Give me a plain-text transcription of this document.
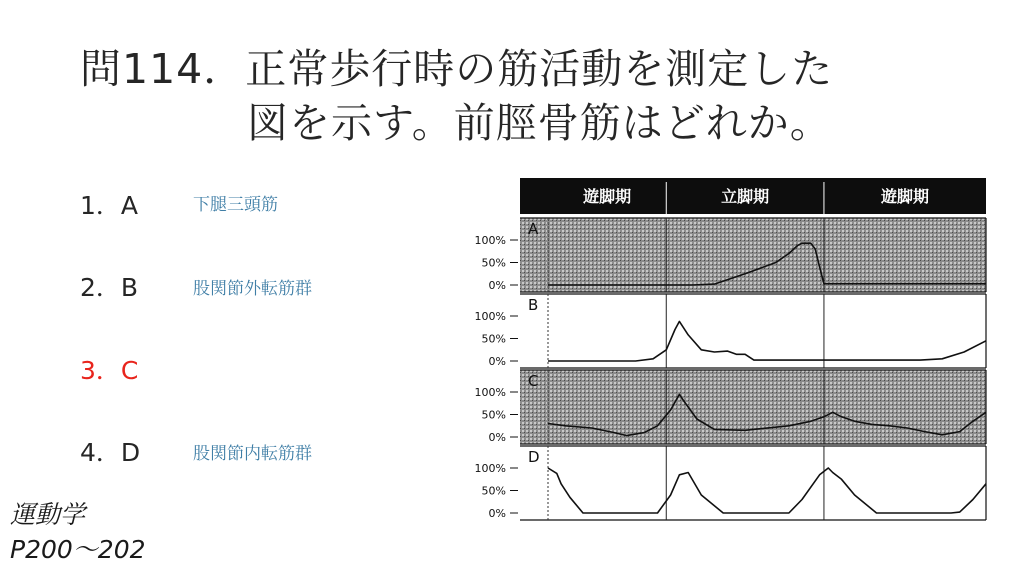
問114．正常歩行時の筋活動を測定した
図を示す。前脛骨筋はどれか。
1．A	下腿三頭筋
2．B	股関節外転筋群
3．C
4．D	股関節内転筋群
運動学
P200～202
遊脚期	立脚期	遊脚期
100%
50%
0%
A
100%
50%
0%
B
100%
50%
0%
C
100%
50%
0%
D
